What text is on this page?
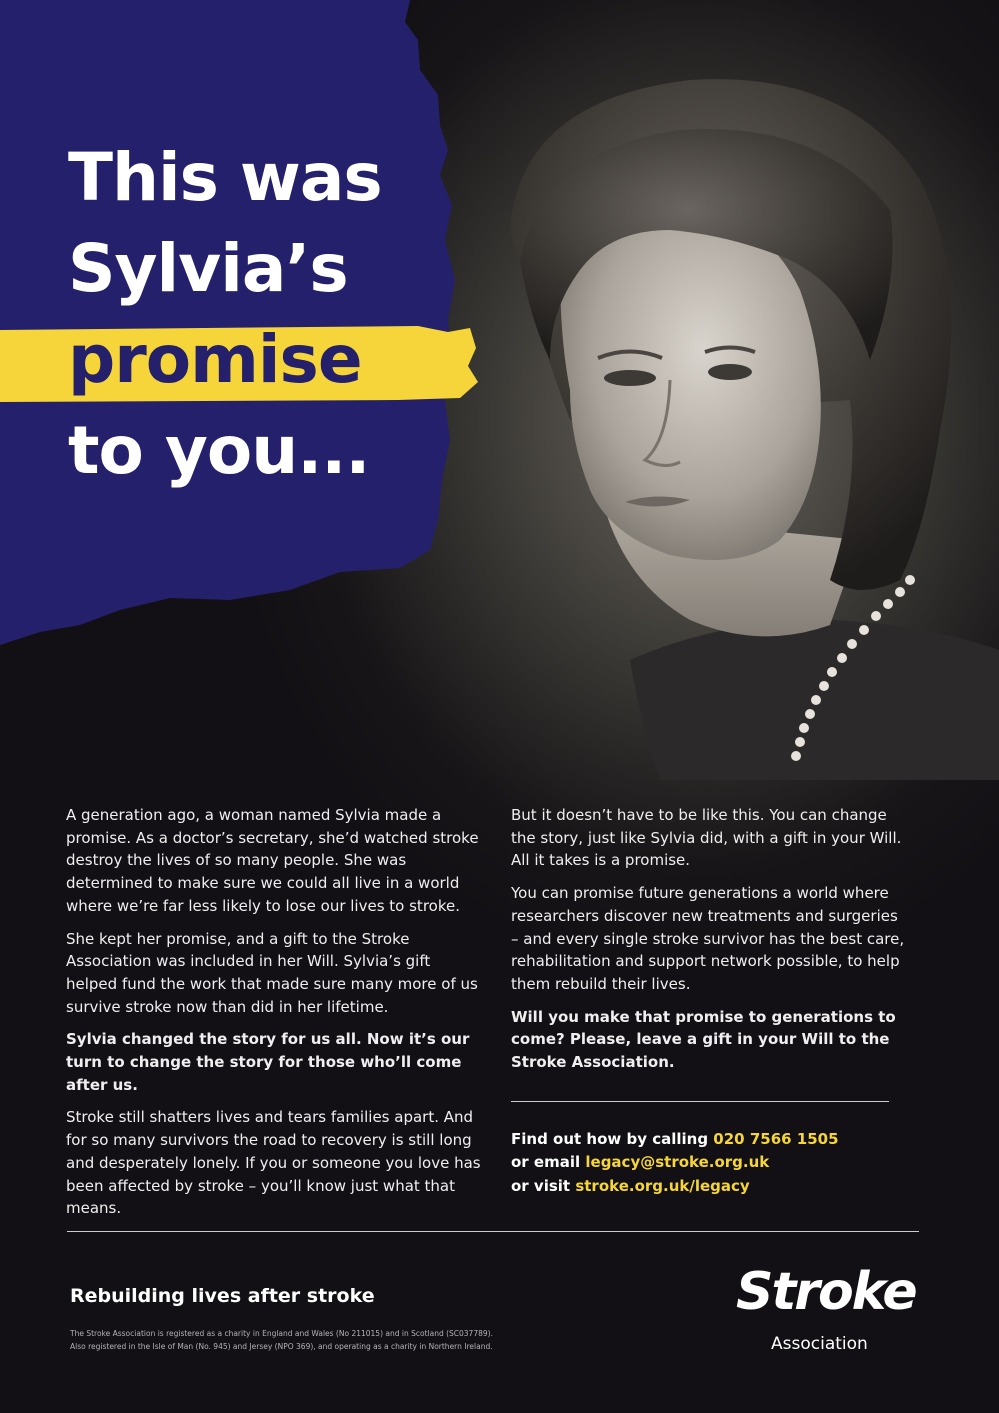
This was
Sylvia’s
promise
to you...

A generation ago, a woman named Sylvia made a promise. As a doctor’s secretary, she’d watched stroke destroy the lives of so many people. She was determined to make sure we could all live in a world where we’re far less likely to lose our lives to stroke.

She kept her promise, and a gift to the Stroke Association was included in her Will. Sylvia’s gift helped fund the work that made sure many more of us survive stroke now than did in her lifetime.

Sylvia changed the story for us all. Now it’s our turn to change the story for those who’ll come after us.

Stroke still shatters lives and tears families apart. And for so many survivors the road to recovery is still long and desperately lonely. If you or someone you love has been affected by stroke – you’ll know just what that means.

But it doesn’t have to be like this. You can change the story, just like Sylvia did, with a gift in your Will. All it takes is a promise.

You can promise future generations a world where researchers discover new treatments and surgeries – and every single stroke survivor has the best care, rehabilitation and support network possible, to help them rebuild their lives.

Will you make that promise to generations to come? Please, leave a gift in your Will to the Stroke Association.

Find out how by calling 020 7566 1505
or email legacy@stroke.org.uk
or visit stroke.org.uk/legacy
Rebuilding lives after stroke
The Stroke Association is registered as a charity in England and Wales (No 211015) and in Scotland (SC037789).
Also registered in the Isle of Man (No. 945) and Jersey (NPO 369), and operating as a charity in Northern Ireland.
Stroke
Association
